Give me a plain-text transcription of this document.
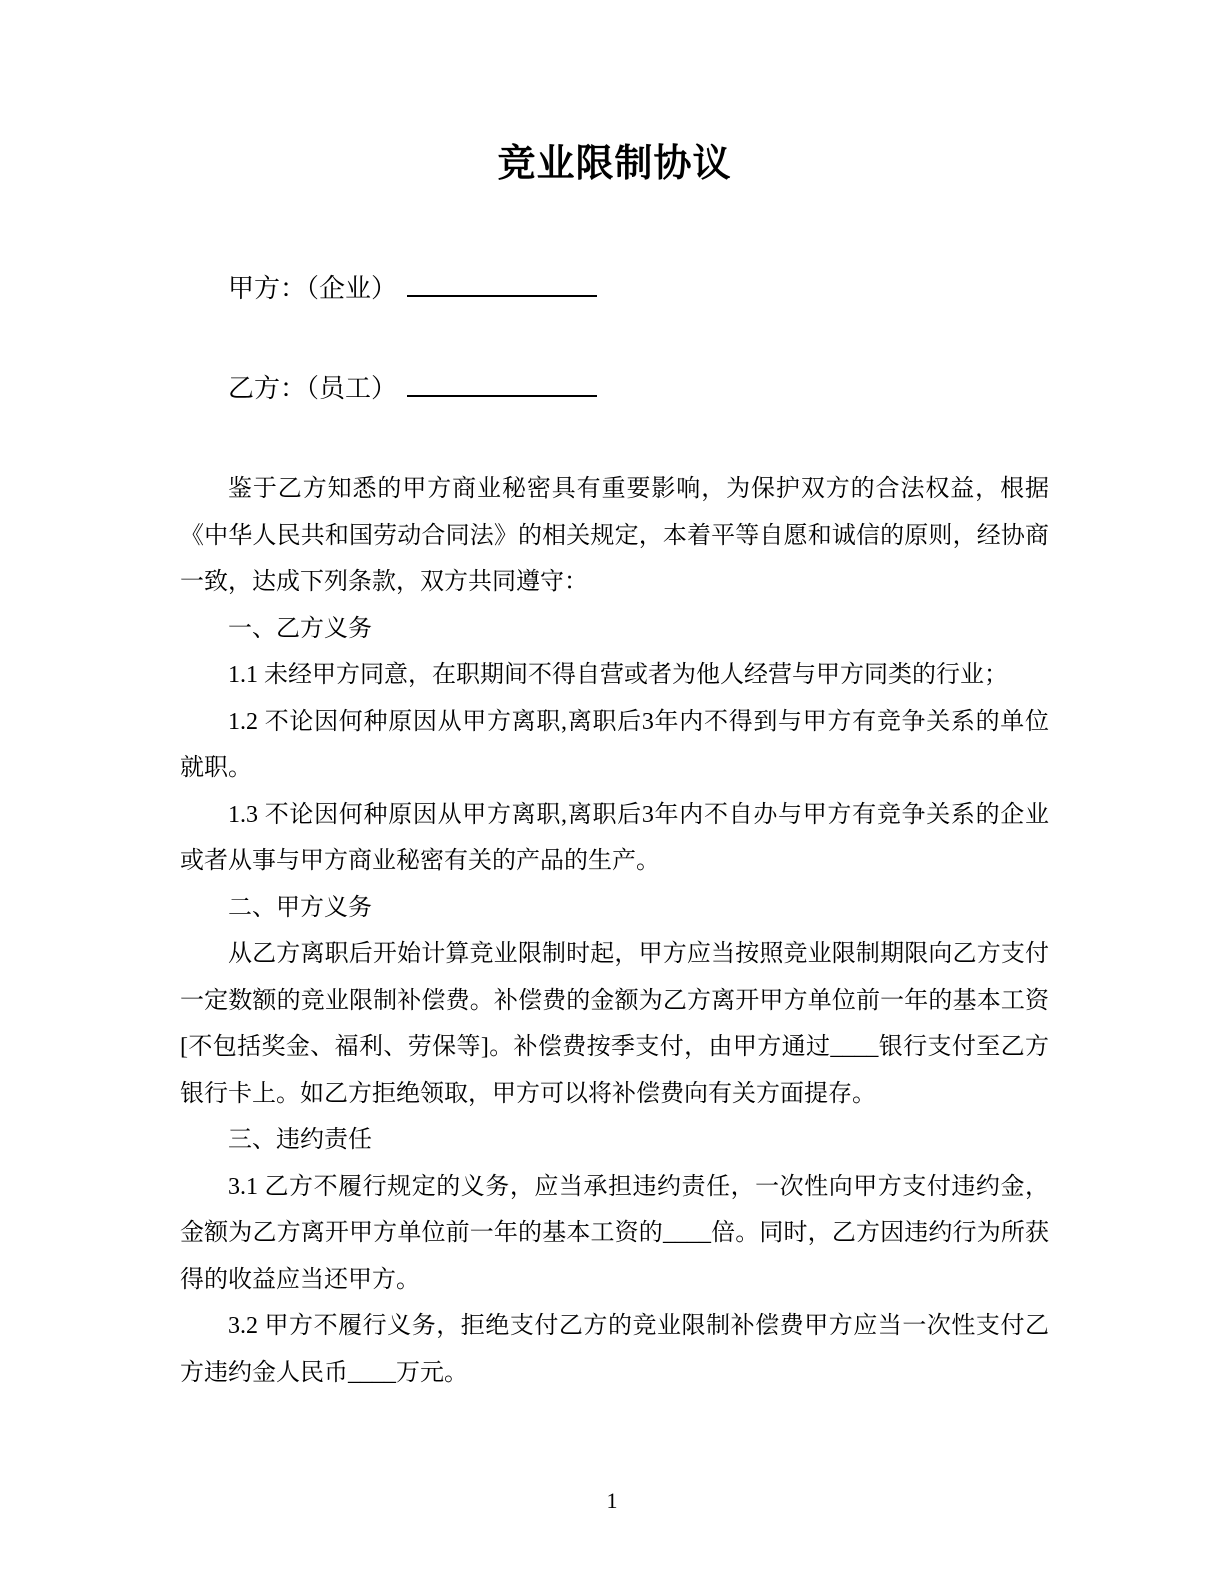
竞业限制协议
甲方：（企业）
乙方：（员工）

鉴于乙方知悉的甲方商业秘密具有重要影响，为保护双方的合法权益，根据《中华人民共和国劳动合同法》的相关规定，本着平等自愿和诚信的原则，经协商一致，达成下列条款，双方共同遵守：

一、乙方义务

1.1 未经甲方同意，在职期间不得自营或者为他人经营与甲方同类的行业；

1.2 不论因何种原因从甲方离职,离职后3年内不得到与甲方有竞争关系的单位就职。

1.3 不论因何种原因从甲方离职,离职后3年内不自办与甲方有竞争关系的企业或者从事与甲方商业秘密有关的产品的生产。

二、甲方义务

从乙方离职后开始计算竞业限制时起，甲方应当按照竞业限制期限向乙方支付一定数额的竞业限制补偿费。补偿费的金额为乙方离开甲方单位前一年的基本工资[不包括奖金、福利、劳保等]。补偿费按季支付，由甲方通过____银行支付至乙方银行卡上。如乙方拒绝领取，甲方可以将补偿费向有关方面提存。

三、违约责任

3.1 乙方不履行规定的义务，应当承担违约责任，一次性向甲方支付违约金，金额为乙方离开甲方单位前一年的基本工资的____倍。同时，乙方因违约行为所获得的收益应当还甲方。

3.2 甲方不履行义务，拒绝支付乙方的竞业限制补偿费甲方应当一次性支付乙方违约金人民币____万元。

1
